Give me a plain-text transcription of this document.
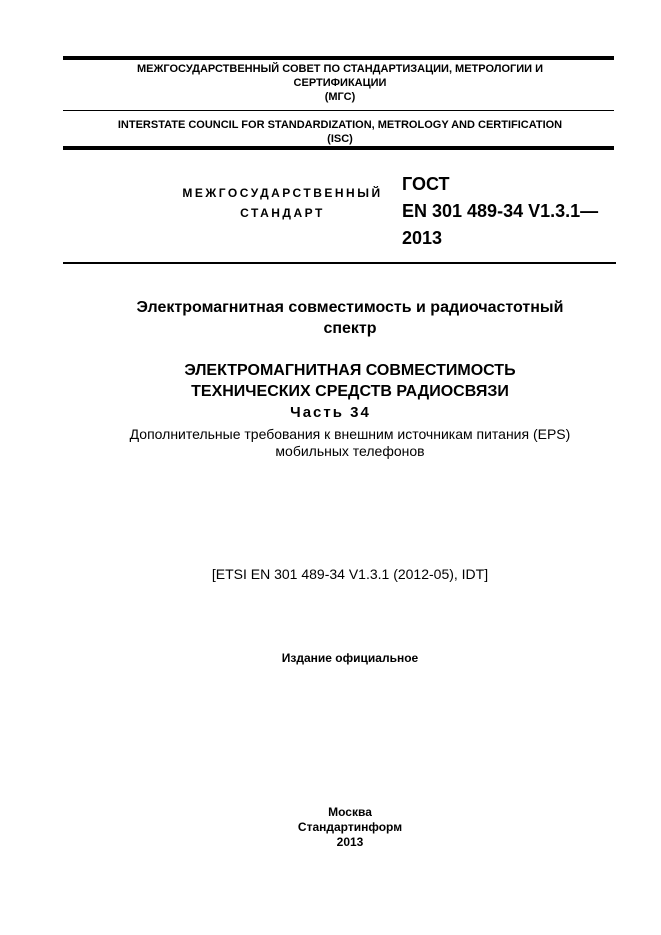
МЕЖГОСУДАРСТВЕННЫЙ СОВЕТ ПО СТАНДАРТИЗАЦИИ, МЕТРОЛОГИИ И
СЕРТИФИКАЦИИ
(МГС)
INTERSTATE COUNCIL FOR STANDARDIZATION, METROLOGY AND CERTIFICATION
(ISC)
МЕЖГОСУДАРСТВЕННЫЙ
СТАНДАРТ
ГОСТ
EN 301 489-34 V1.3.1—
2013
Электромагнитная совместимость и радиочастотный
спектр
ЭЛЕКТРОМАГНИТНАЯ СОВМЕСТИМОСТЬ
ТЕХНИЧЕСКИХ СРЕДСТВ РАДИОСВЯЗИ
Часть 34
Дополнительные требования к внешним источникам питания (EPS)
мобильных телефонов
[ETSI EN 301 489-34 V1.3.1 (2012-05), IDT]
Издание официальное
Москва
Стандартинформ
2013
